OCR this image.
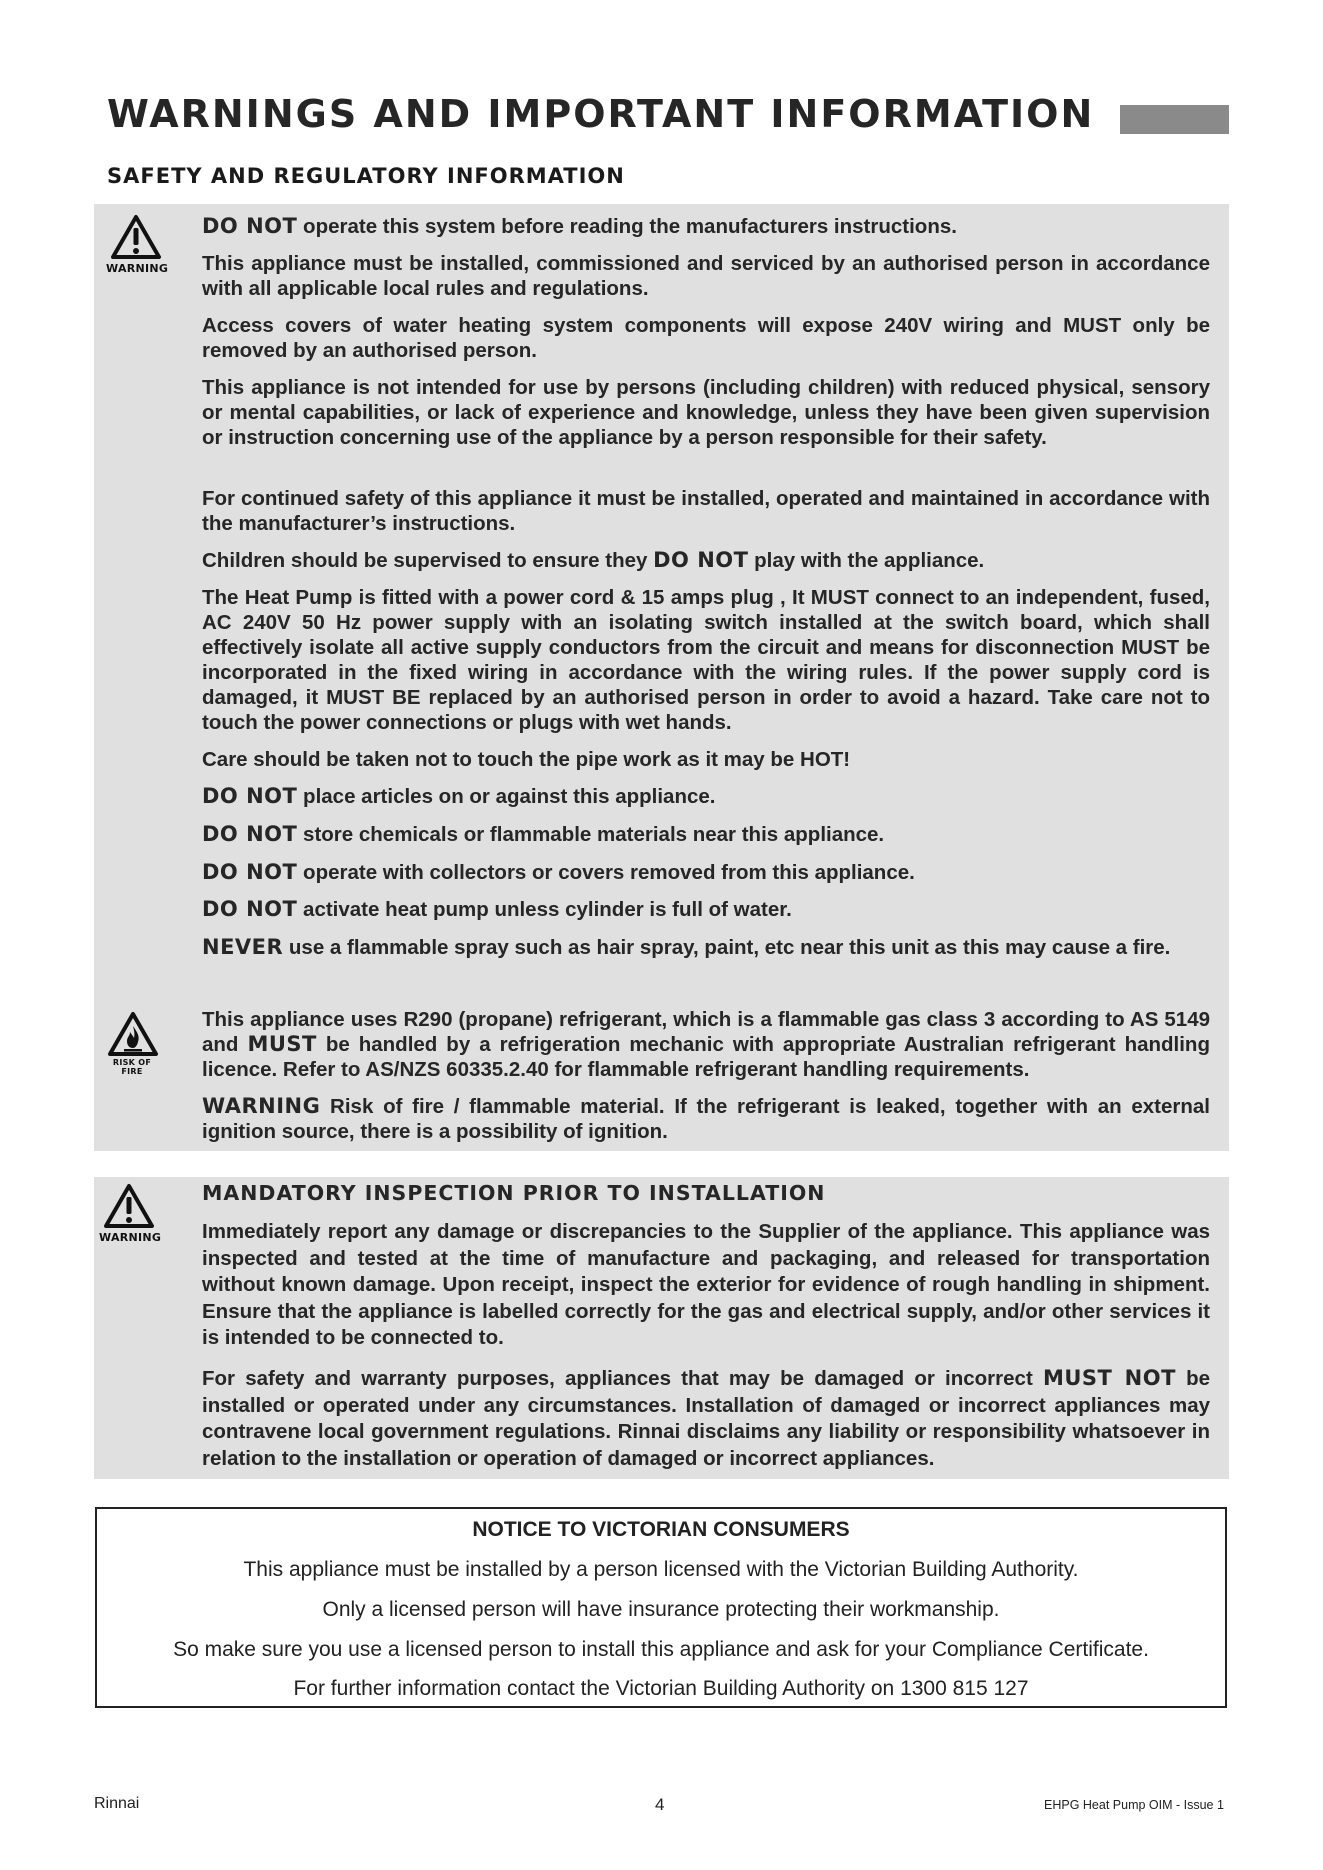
WARNINGS AND IMPORTANT INFORMATION
SAFETY AND REGULATORY INFORMATION
WARNING
RISK OF FIRE

DO NOT operate this system before reading the manufacturers instructions.

This appliance must be installed, commissioned and serviced by an authorised person in accordance with all applicable local rules and regulations.

Access covers of water heating system components will expose 240V wiring and MUST only be removed by an authorised person.

This appliance is not intended for use by persons (including children) with reduced physical, sensory or mental capabilities, or lack of experience and knowledge, unless they have been given supervision or instruction concerning use of the appliance by a person responsible for their safety.

For continued safety of this appliance it must be installed, operated and maintained in accordance with the manufacturer’s instructions.

Children should be supervised to ensure they DO NOT play with the appliance.

The Heat Pump is fitted with a power cord & 15 amps plug , It MUST connect to an independent, fused, AC 240V 50 Hz power supply with an isolating switch installed at the switch board, which shall effectively isolate all active supply conductors from the circuit and means for disconnection MUST be incorporated in the fixed wiring in accordance with the wiring rules. If the power supply cord is damaged, it MUST BE replaced by an authorised person in order to avoid a hazard. Take care not to touch the power connections or plugs with wet hands.

Care should be taken not to touch the pipe work as it may be HOT!

DO NOT place articles on or against this appliance.

DO NOT store chemicals or flammable materials near this appliance.

DO NOT operate with collectors or covers removed from this appliance.

DO NOT activate heat pump unless cylinder is full of water.

NEVER use a flammable spray such as hair spray, paint, etc near this unit as this may cause a fire.

This appliance uses R290 (propane) refrigerant, which is a flammable gas class 3 according to AS 5149 and MUST be handled by a refrigeration mechanic with appropriate Australian refrigerant handling licence. Refer to AS/NZS 60335.2.40 for flammable refrigerant handling requirements.

WARNING Risk of fire / flammable material. If the refrigerant is leaked, together with an external ignition source, there is a possibility of ignition.

WARNING
MANDATORY INSPECTION PRIOR TO INSTALLATION

Immediately report any damage or discrepancies to the Supplier of the appliance. This appliance was inspected and tested at the time of manufacture and packaging, and released for transportation without known damage. Upon receipt, inspect the exterior for evidence of rough handling in shipment. Ensure that the appliance is labelled correctly for the gas and electrical supply, and/or other services it is intended to be connected to.

For safety and warranty purposes, appliances that may be damaged or incorrect MUST NOT be installed or operated under any circumstances. Installation of damaged or incorrect appliances may contravene local government regulations. Rinnai disclaims any liability or responsibility whatsoever in relation to the installation or operation of damaged or incorrect appliances.

NOTICE TO VICTORIAN CONSUMERS
This appliance must be installed by a person licensed with the Victorian Building Authority.
Only a licensed person will have insurance protecting their workmanship.
So make sure you use a licensed person to install this appliance and ask for your Compliance Certificate.
For further information contact the Victorian Building Authority on 1300 815 127
Rinnai	4	EHPG Heat Pump OIM - Issue 1
